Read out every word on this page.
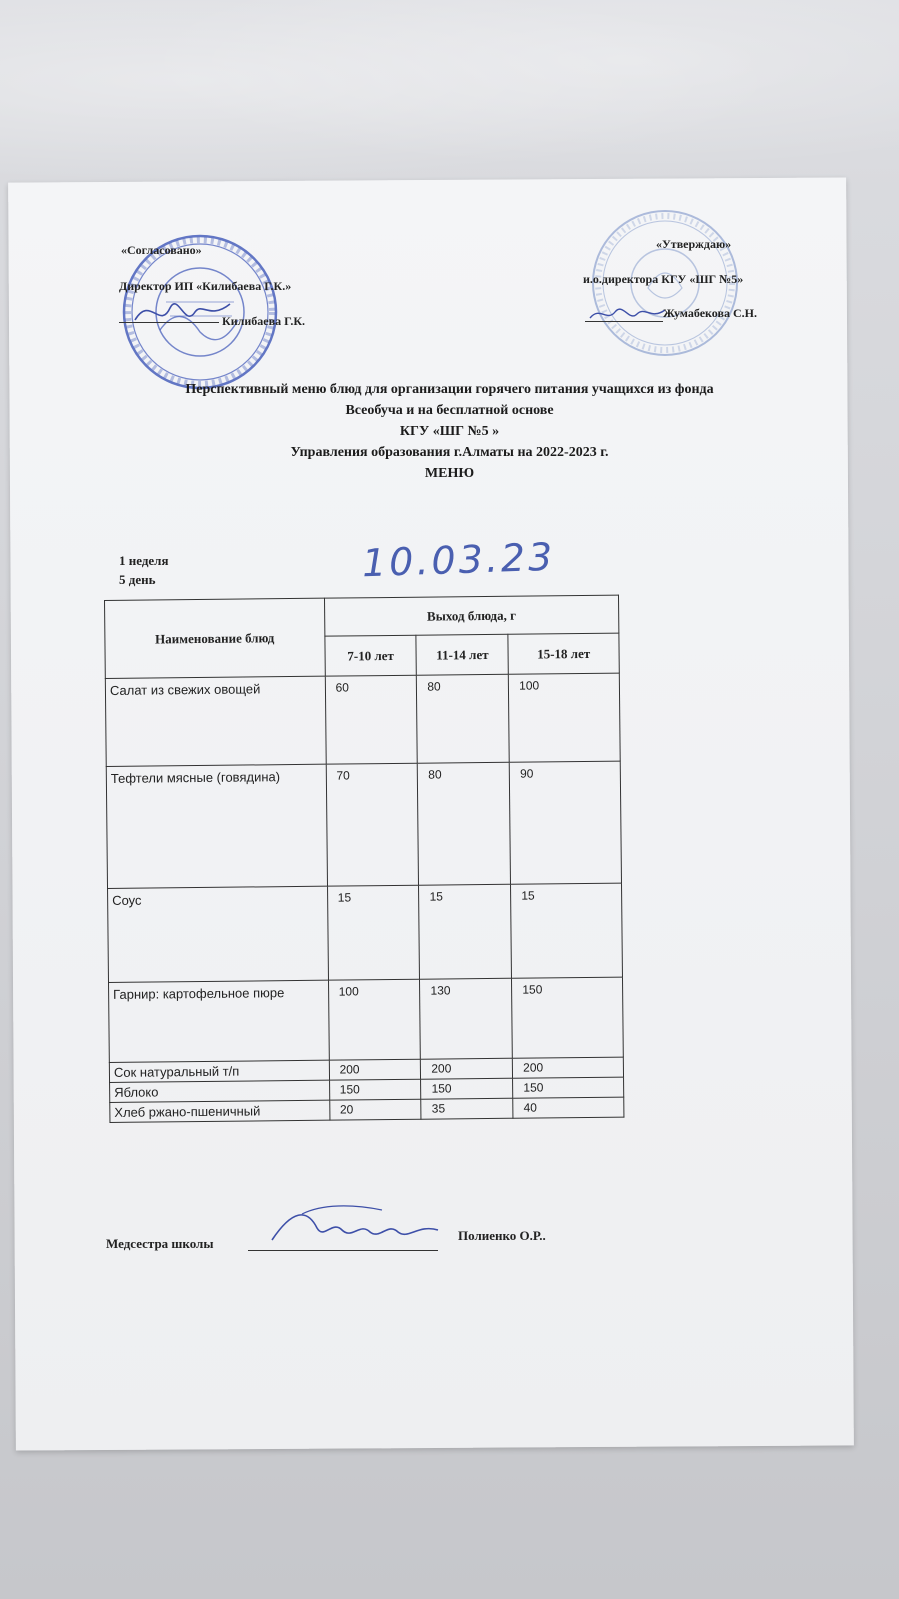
«Согласовано»
Директор ИП «Килибаева Г.К.»
Килибаева Г.К.
«Утверждаю»
и.о.директора КГУ «ШГ №5»
Жумабекова С.Н.
Перспективный меню блюд для организации горячего питания учащихся из фонда
Всеобуча и на бесплатной основе
КГУ «ШГ №5 »
Управления образования г.Алматы на 2022-2023 г.
МЕНЮ
1 неделя
5 день	10.03.23
Наименование блюд	Выход блюда, г		
	7-10 лет	11-14 лет	15-18 лет
Салат из свежих овощей	60	80	100
Тефтели мясные (говядина)	70	80	90
Соус	15	15	15
Гарнир: картофельное пюре	100	130	150
Сок натуральный т/п	200	200	200
Яблоко	150	150	150
Хлеб ржано-пшеничный	20	35	40
Медсестра школы
Полиенко О.Р..
